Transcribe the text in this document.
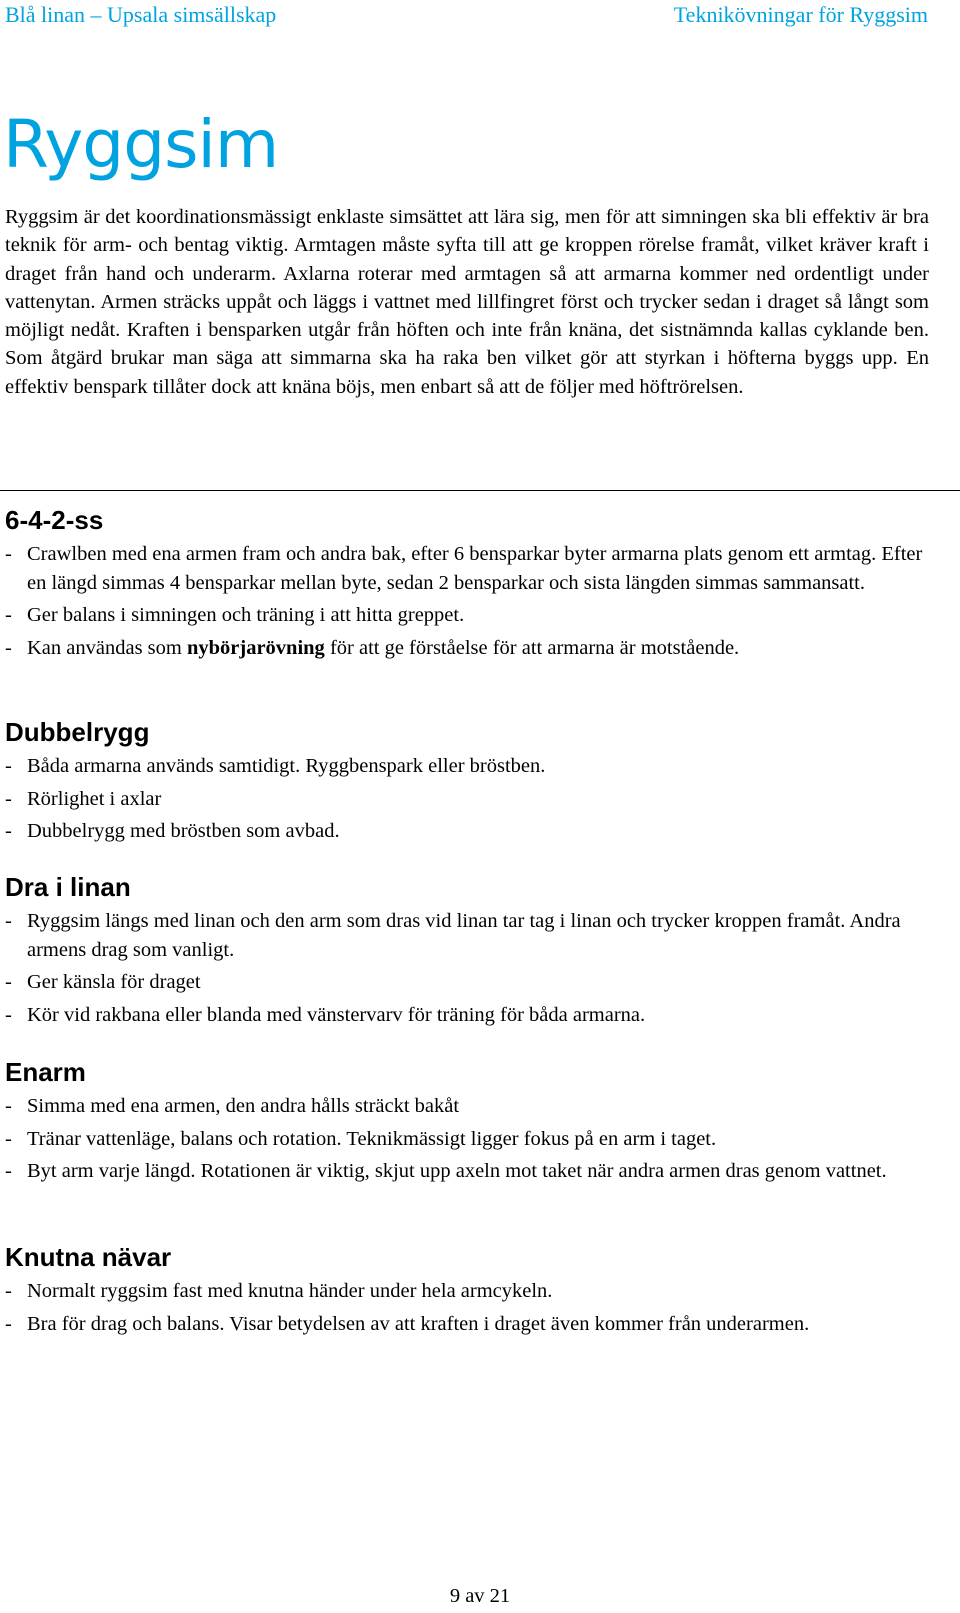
Blå linan – Upsala simsällskap	Teknikövningar för Ryggsim
Ryggsim

Ryggsim är det koordinationsmässigt enklaste simsättet att lära sig, men för att simningen ska bli effektiv är bra teknik för arm- och bentag viktig. Armtagen måste syfta till att ge kroppen rörelse framåt, vilket kräver kraft i draget från hand och underarm. Axlarna roterar med armtagen så att armarna kommer ned ordentligt under vattenytan. Armen sträcks uppåt och läggs i vattnet med lillfingret först och trycker sedan i draget så långt som möjligt nedåt. Kraften i bensparken utgår från höften och inte från knäna, det sistnämnda kallas cyklande ben. Som åtgärd brukar man säga att simmarna ska ha raka ben vilket gör att styrkan i höfterna byggs upp. En effektiv benspark tillåter dock att knäna böjs, men enbart så att de följer med höftrörelsen.

6-4-2-ss
- Crawlben med ena armen fram och andra bak, efter 6 bensparkar byter armarna plats genom ett armtag. Efter en längd simmas 4 bensparkar mellan byte, sedan 2 bensparkar och sista längden simmas sammansatt.
- Ger balans i simningen och träning i att hitta greppet.
- Kan användas som nybörjarövning för att ge förståelse för att armarna är motstående.
Dubbelrygg
- Båda armarna används samtidigt. Ryggbenspark eller bröstben.
- Rörlighet i axlar
- Dubbelrygg med bröstben som avbad.
Dra i linan
- Ryggsim längs med linan och den arm som dras vid linan tar tag i linan och trycker kroppen framåt. Andra armens drag som vanligt.
- Ger känsla för draget
- Kör vid rakbana eller blanda med vänstervarv för träning för båda armarna.
Enarm
- Simma med ena armen, den andra hålls sträckt bakåt
- Tränar vattenläge, balans och rotation. Teknikmässigt ligger fokus på en arm i taget.
- Byt arm varje längd. Rotationen är viktig, skjut upp axeln mot taket när andra armen dras genom vattnet.
Knutna nävar
- Normalt ryggsim fast med knutna händer under hela armcykeln.
- Bra för drag och balans. Visar betydelsen av att kraften i draget även kommer från underarmen.
9 av 21
